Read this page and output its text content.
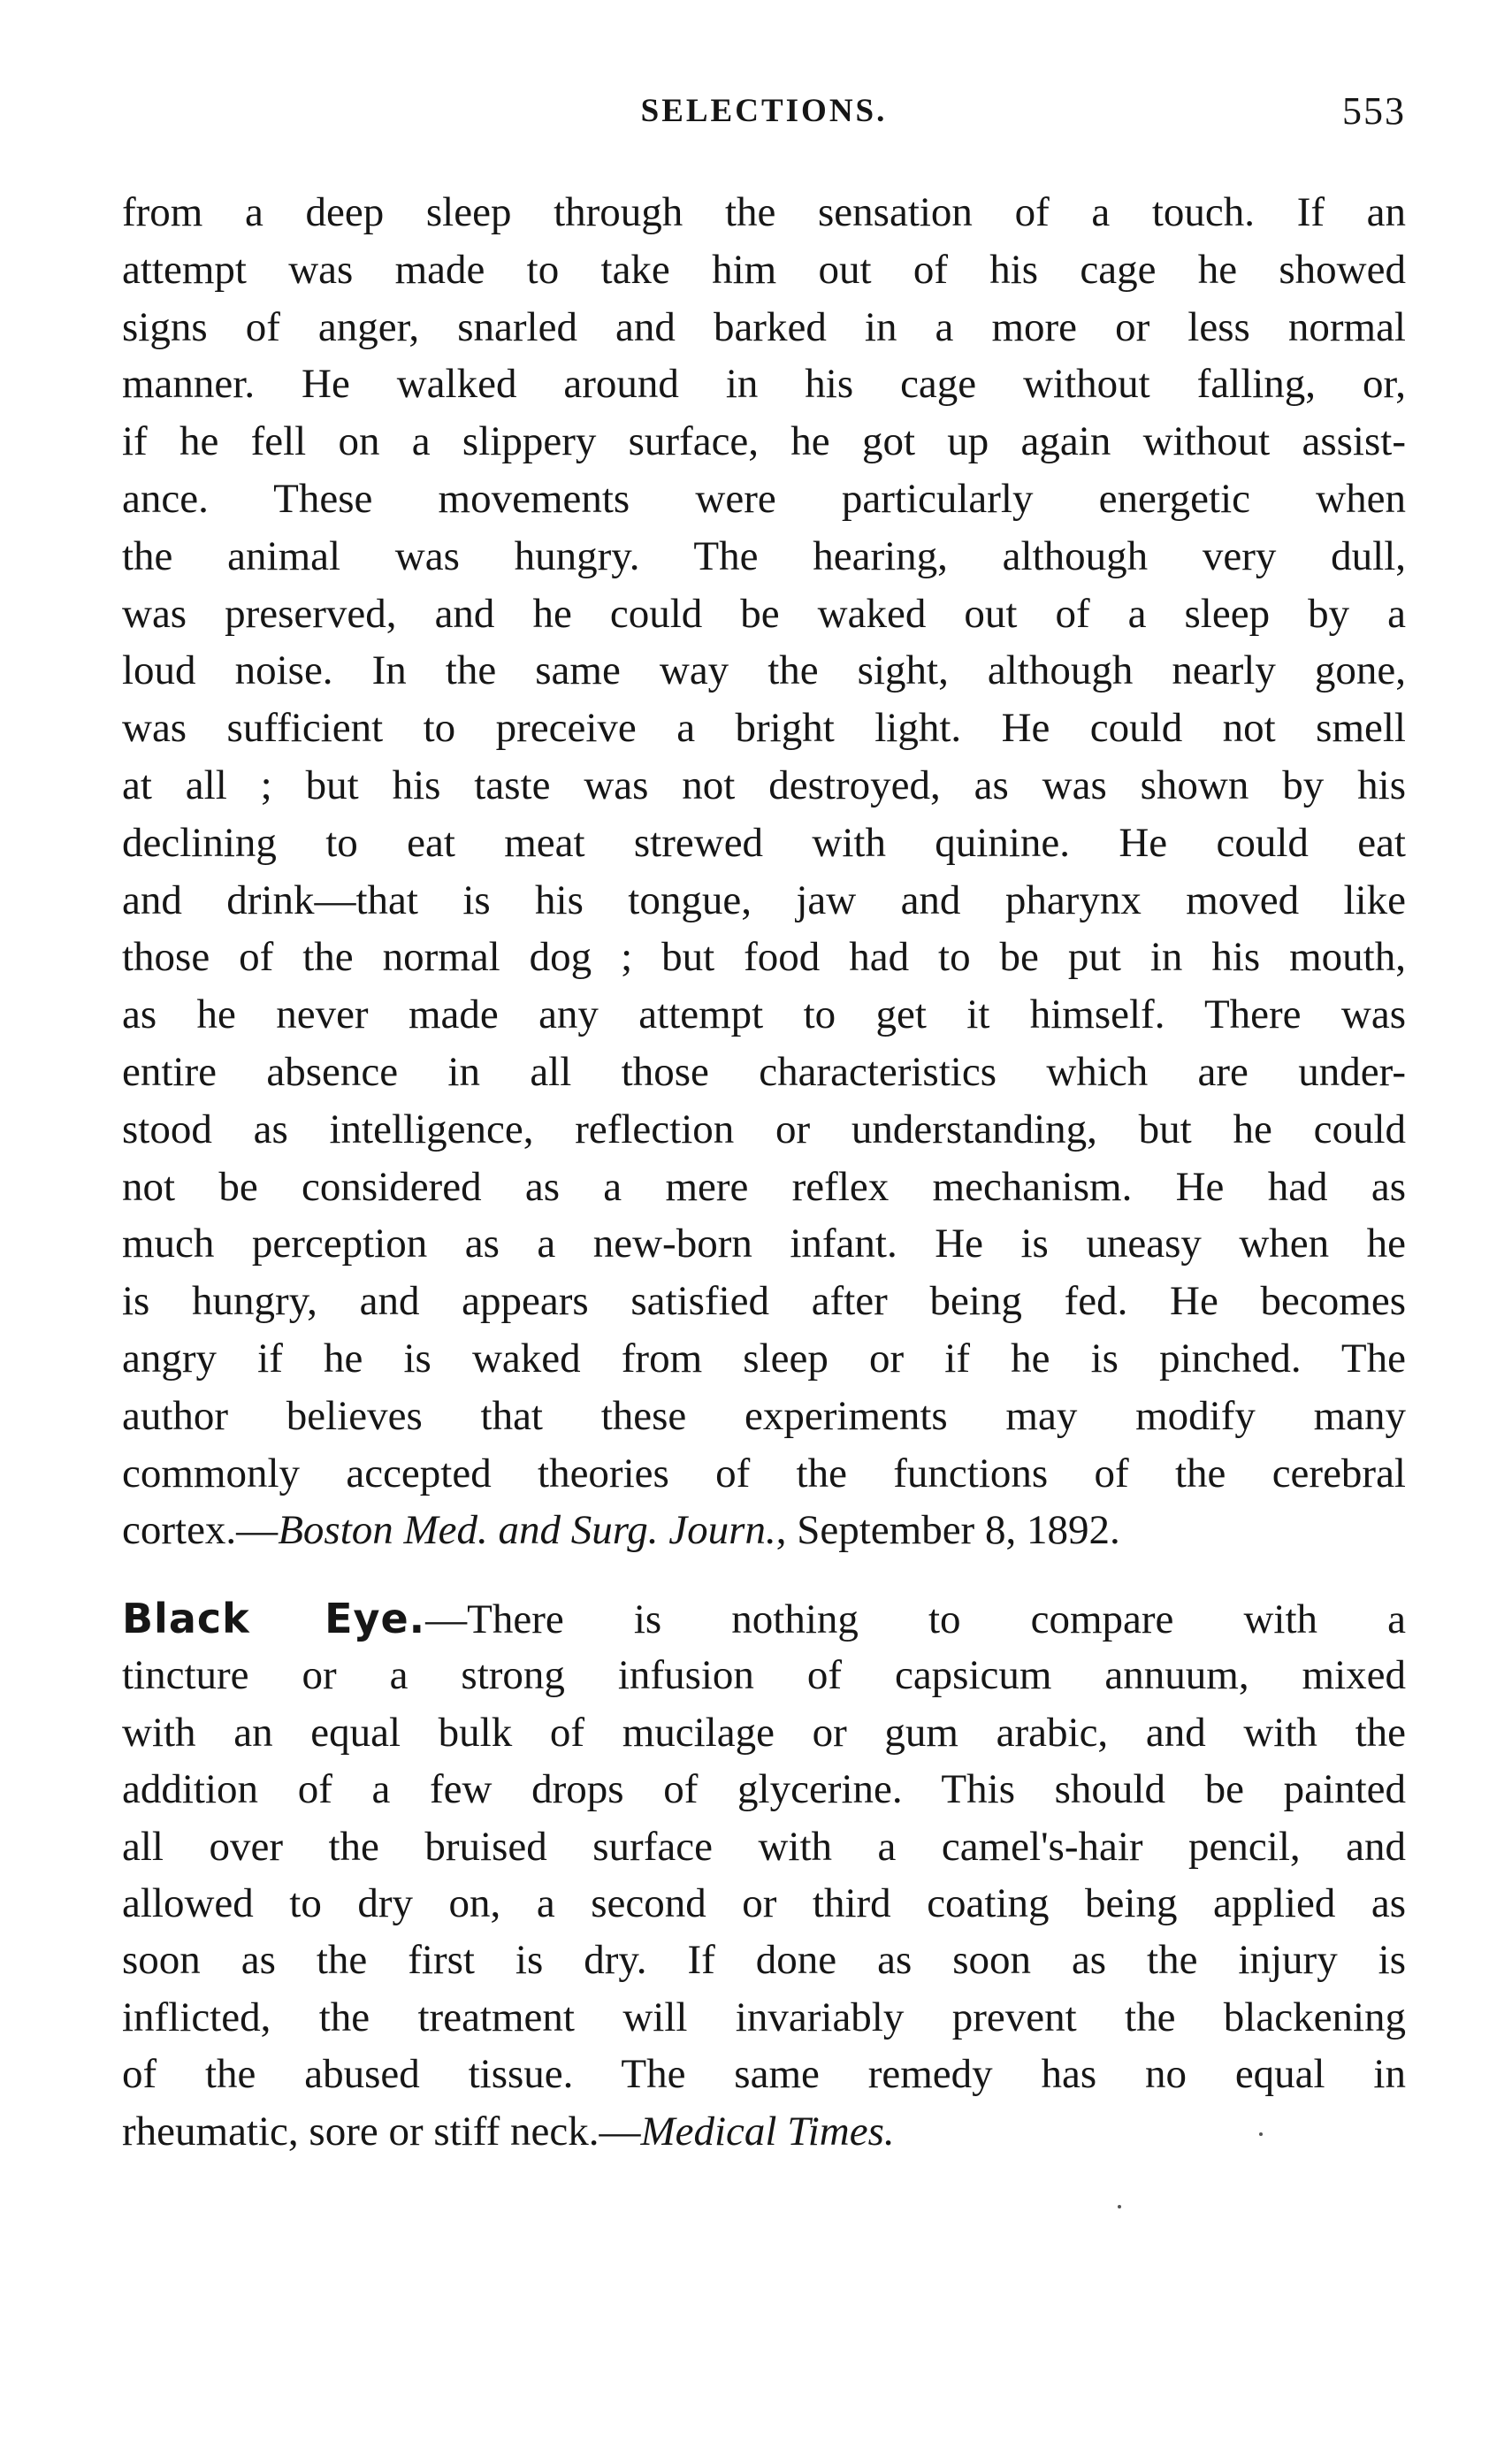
SELECTIONS.	553
from a deep sleep through the sensation of a touch. If an
attempt was made to take him out of his cage he showed
signs of anger, snarled and barked in a more or less normal
manner. He walked around in his cage without falling, or,
if he fell on a slippery surface, he got up again without assist-
ance. These movements were particularly energetic when
the animal was hungry. The hearing, although very dull,
was preserved, and he could be waked out of a sleep by a
loud noise. In the same way the sight, although nearly gone,
was sufficient to preceive a bright light. He could not smell
at all ; but his taste was not destroyed, as was shown by his
declining to eat meat strewed with quinine. He could eat
and drink—that is his tongue, jaw and pharynx moved like
those of the normal dog ; but food had to be put in his mouth,
as he never made any attempt to get it himself. There was
entire absence in all those characteristics which are under-
stood as intelligence, reflection or understanding, but he could
not be considered as a mere reflex mechanism. He had as
much perception as a new-born infant. He is uneasy when he
is hungry, and appears satisfied after being fed. He becomes
angry if he is waked from sleep or if he is pinched. The
author believes that these experiments may modify many
commonly accepted theories of the functions of the cerebral
cortex.—Boston Med. and Surg. Journ., September 8, 1892.
Black Eye.—There is nothing to compare with a
tincture or a strong infusion of capsicum annuum, mixed
with an equal bulk of mucilage or gum arabic, and with the
addition of a few drops of glycerine. This should be painted
all over the bruised surface with a camel's-hair pencil, and
allowed to dry on, a second or third coating being applied as
soon as the first is dry. If done as soon as the injury is
inflicted, the treatment will invariably prevent the blackening
of the abused tissue. The same remedy has no equal in
rheumatic, sore or stiff neck.—Medical Times.
